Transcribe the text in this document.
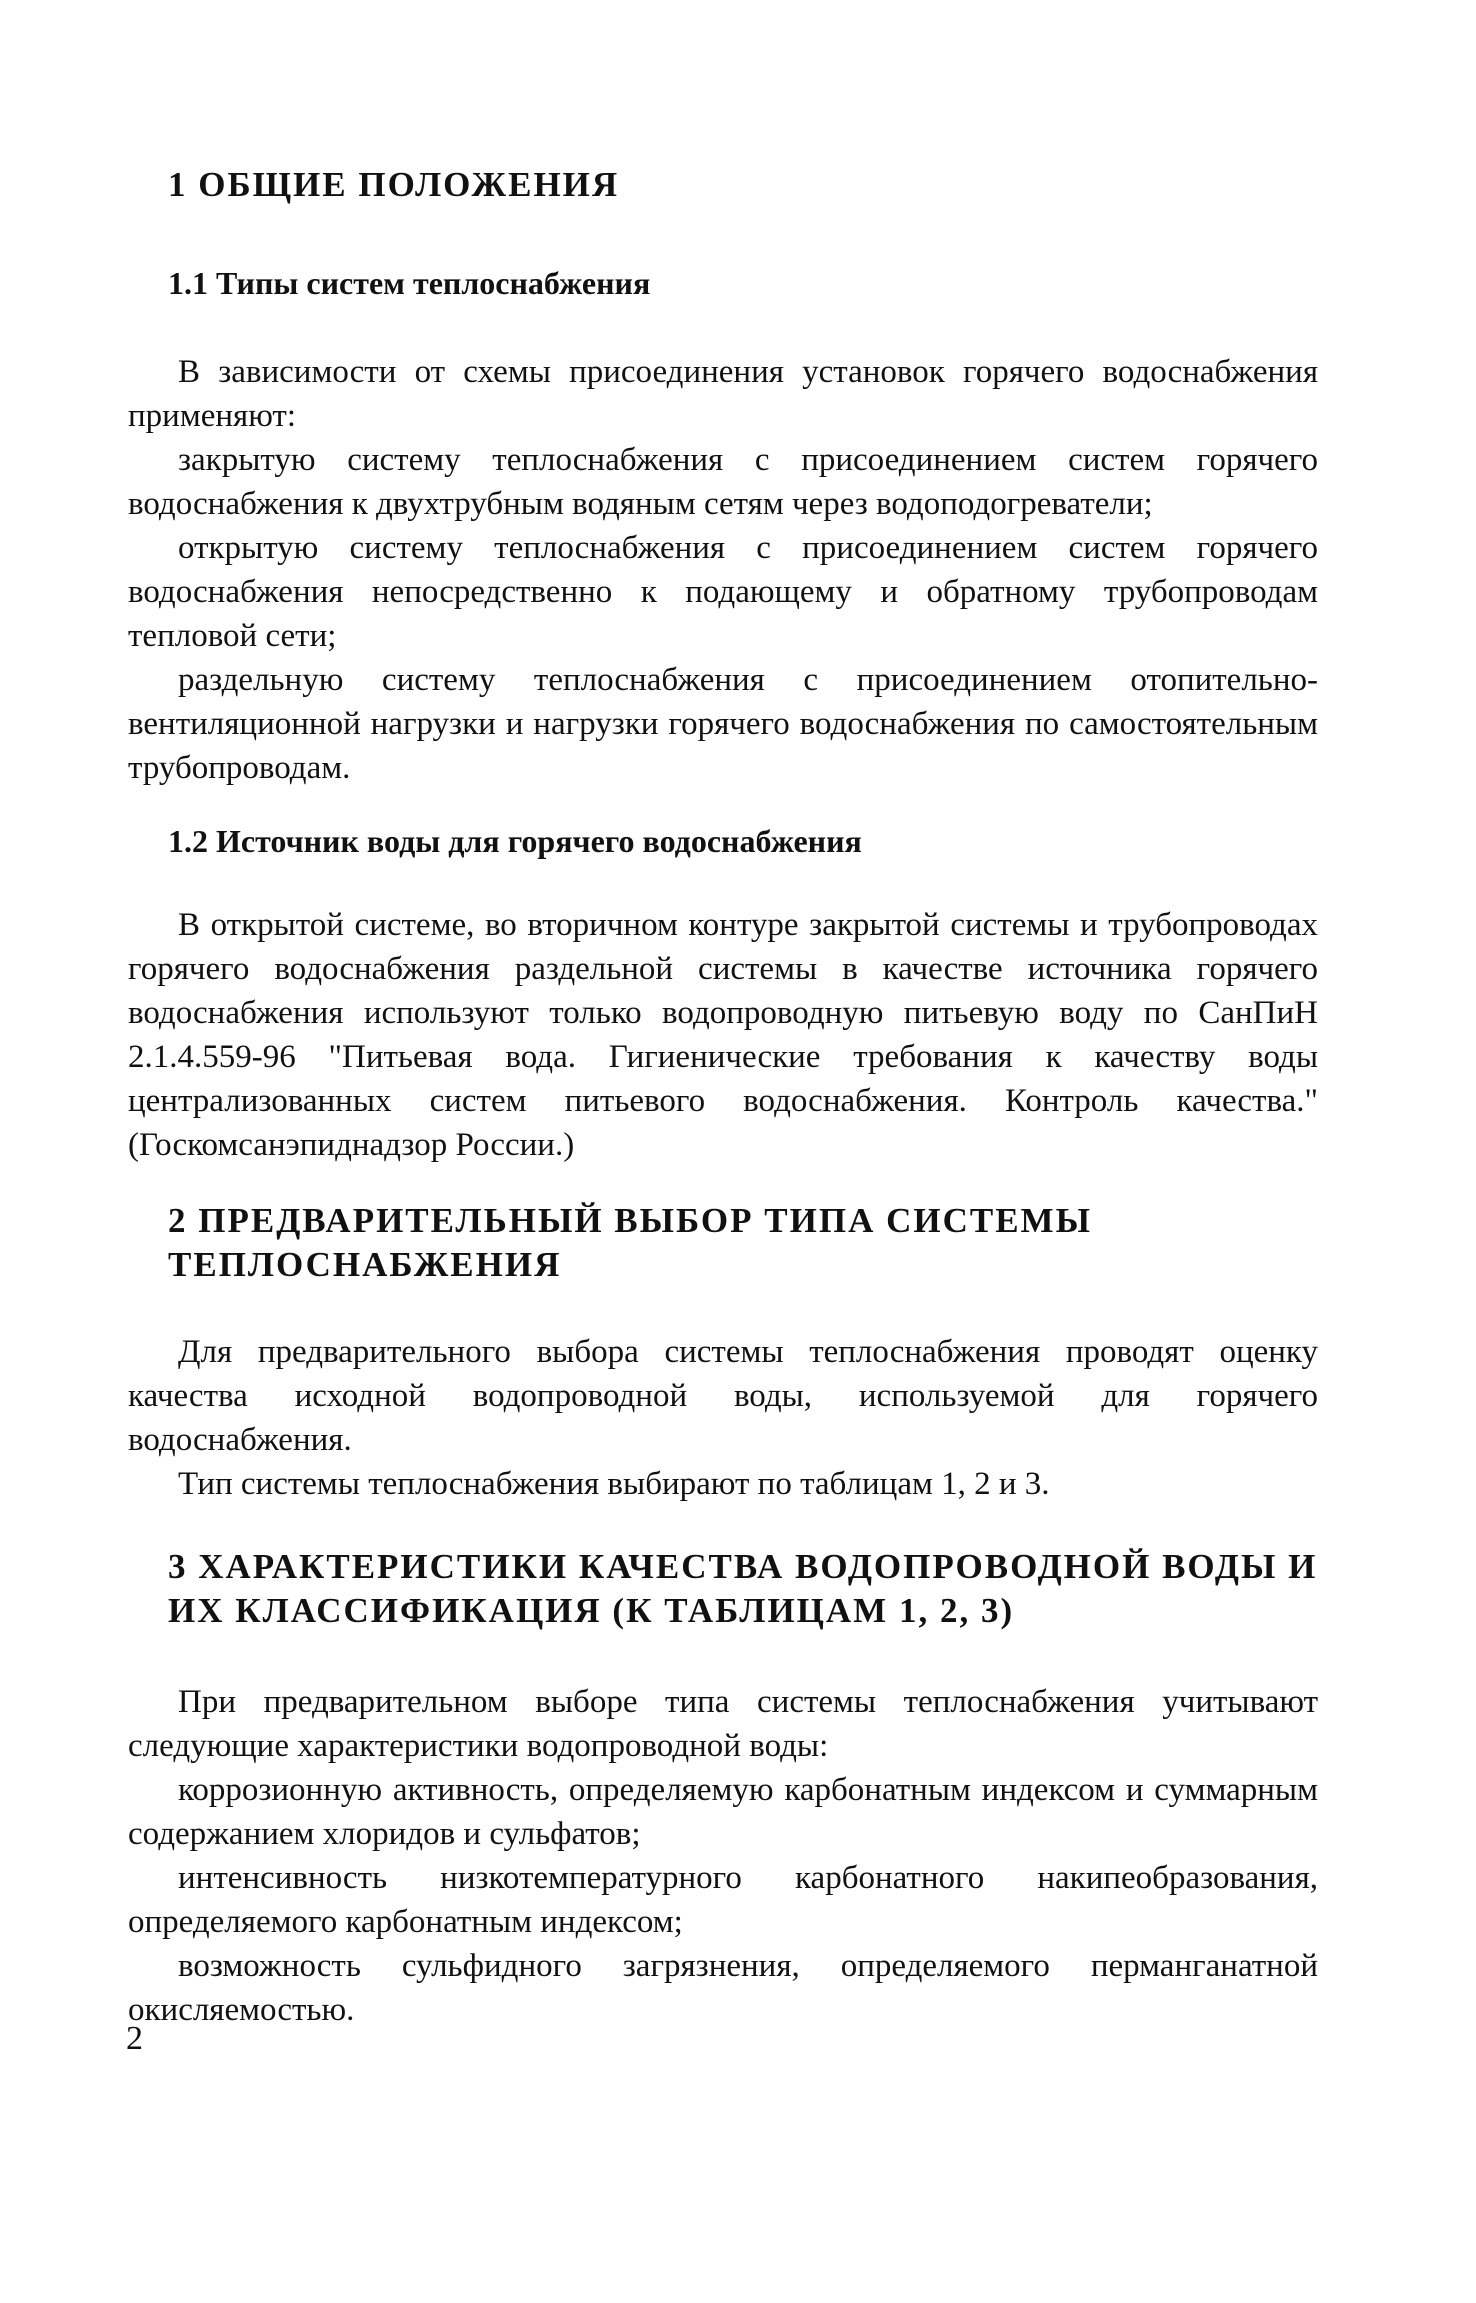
1 ОБЩИЕ ПОЛОЖЕНИЯ
1.1 Типы систем теплоснабжения

В зависимости от схемы присоединения установок горячего водоснабжения применяют:

закрытую систему теплоснабжения с присоединением систем горячего водоснабжения к двухтрубным водяным сетям через водоподогреватели;

открытую систему теплоснабжения с присоединением систем горячего водоснабжения непосредственно к подающему и обратному трубопроводам тепловой сети;

раздельную систему теплоснабжения с присоединением отопительно-вентиляционной нагрузки и нагрузки горячего водоснабжения по самостоятельным трубопроводам.

1.2 Источник воды для горячего водоснабжения

В открытой системе, во вторичном контуре закрытой системы и трубопроводах горячего водоснабжения раздельной системы в качестве источника горячего водоснабжения используют только водопроводную питьевую воду по СанПиН 2.1.4.559-96 "Питьевая вода. Гигиенические требования к качеству воды централизованных систем питьевого водоснабжения. Контроль качества." (Госкомсанэпиднадзор России.)

2 ПРЕДВАРИТЕЛЬНЫЙ ВЫБОР ТИПА СИСТЕМЫ ТЕПЛОСНАБЖЕНИЯ

Для предварительного выбора системы теплоснабжения проводят оценку качества исходной водопроводной воды, используемой для горячего водоснабжения.

Тип системы теплоснабжения выбирают по таблицам 1, 2 и 3.

3 ХАРАКТЕРИСТИКИ КАЧЕСТВА ВОДОПРОВОДНОЙ ВОДЫ И ИХ КЛАССИФИКАЦИЯ (К ТАБЛИЦАМ 1, 2, 3)

При предварительном выборе типа системы теплоснабжения учитывают следующие характеристики водопроводной воды:

коррозионную активность, определяемую карбонатным индексом и суммарным содержанием хлоридов и сульфатов;

интенсивность низкотемпературного карбонатного накипеобразования, определяемого карбонатным индексом;

возможность сульфидного загрязнения, определяемого перманганатной окисляемостью.

2
